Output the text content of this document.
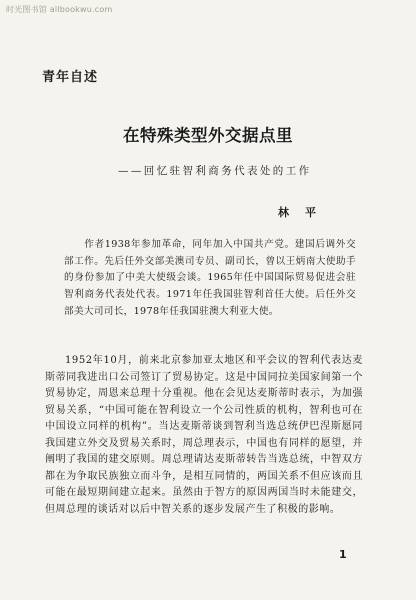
时光图书馆 allbookwu.com
青年自述
在特殊类型外交据点里
——回忆驻智利商务代表处的工作
林平

作者1938年参加革命，同年加入中国共产党。建国后调外交部工作。先后任外交部美澳司专员、副司长，曾以王炳南大使助手的身份参加了中美大使级会谈。1965年任中国国际贸易促进会驻智利商务代表处代表。1971年任我国驻智利首任大使。后任外交部美大司司长，1978年任我国驻澳大利亚大使。

1952年10月，前来北京参加亚太地区和平会议的智利代表达麦斯蒂同我进出口公司签订了贸易协定。这是中国同拉美国家间第一个贸易协定，周恩来总理十分重视。他在会见达麦斯蒂时表示，为加强贸易关系，“中国可能在智利设立一个公司性质的机构，智利也可在中国设立同样的机构”。当达麦斯蒂谈到智利当选总统伊巴涅斯愿同我国建立外交及贸易关系时，周总理表示，中国也有同样的愿望，并阐明了我国的建交原则。周总理请达麦斯蒂转告当选总统，中智双方都在为争取民族独立而斗争，是相互同情的，两国关系不但应该而且可能在最短期间建立起来。虽然由于智方的原因两国当时未能建交，但周总理的谈话对以后中智关系的逐步发展产生了积极的影响。

1
